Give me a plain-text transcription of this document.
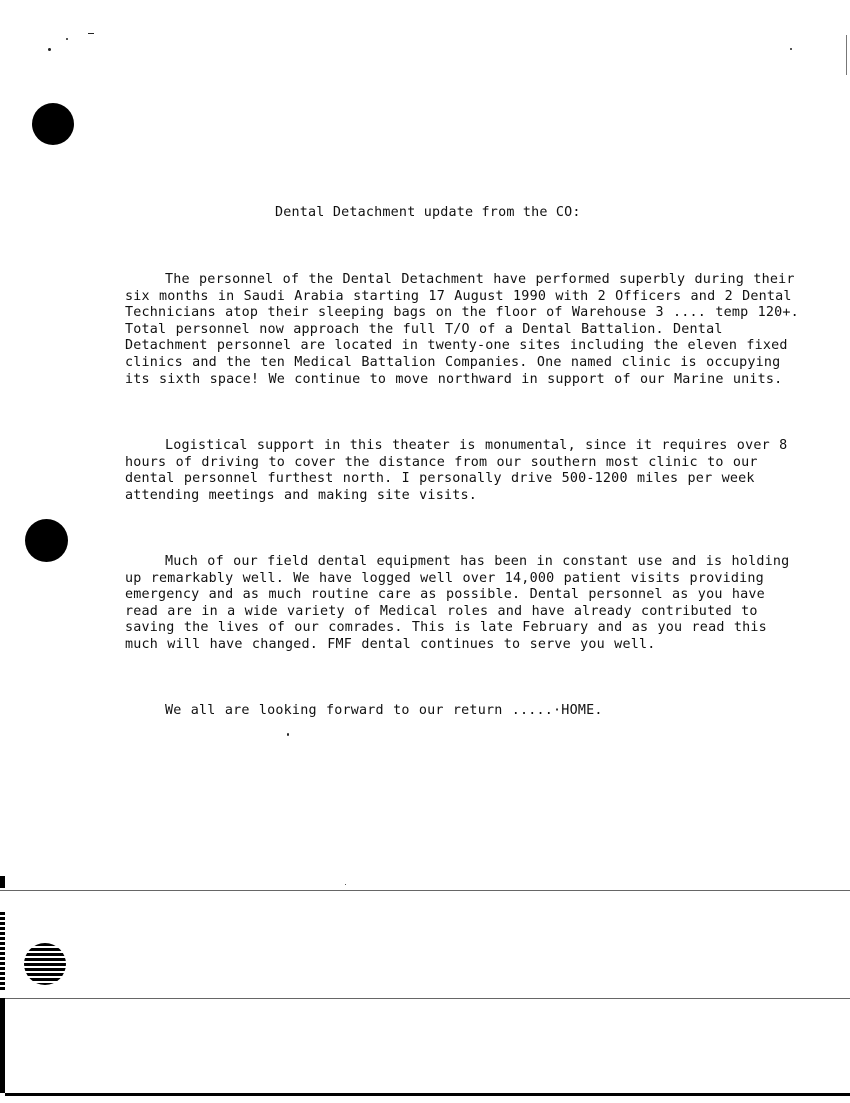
Dental Detachment update from the CO:

The personnel of the Dental Detachment have performed superbly during their six months in Saudi Arabia starting 17 August 1990 with 2 Officers and 2 Dental Technicians atop their sleeping bags on the floor of Warehouse 3 .... temp 120+. Total personnel now approach the full T/O of a Dental Battalion. Dental Detachment personnel are located in twenty-one sites including the eleven fixed clinics and the ten Medical Battalion Companies. One named clinic is occupying its sixth space! We continue to move northward in support of our Marine units.

Logistical support in this theater is monumental, since it requires over 8 hours of driving to cover the distance from our southern most clinic to our dental personnel furthest north. I personally drive 500-1200 miles per week attending meetings and making site visits.

Much of our field dental equipment has been in constant use and is holding up remarkably well. We have logged well over 14,000 patient visits providing emergency and as much routine care as possible. Dental personnel as you have read are in a wide variety of Medical roles and have already contributed to saving the lives of our comrades. This is late February and as you read this much will have changed. FMF dental continues to serve you well.

We all are looking forward to our return .....·HOME.
